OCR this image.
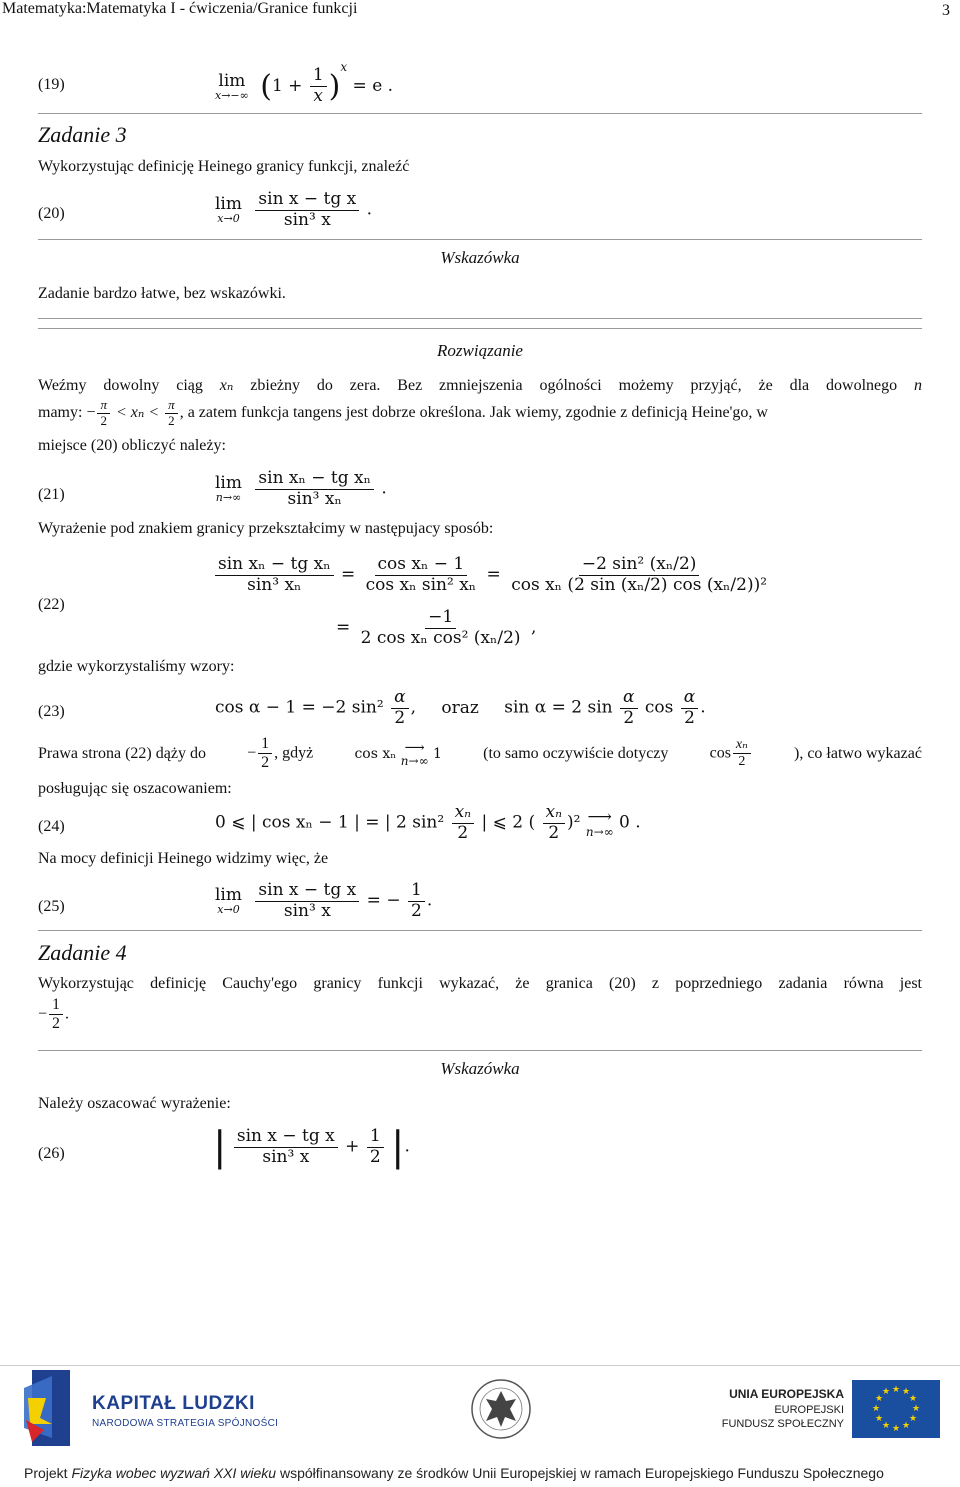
Matematyka:Matematyka I - ćwiczenia/Granice funkcji	3
(19)	lim
x→−∞ $(1 + \frac{1}{x} )^x = e$ .
Zadanie 3
Wykorzystując definicję Heinego granicy funkcji, znaleźć
(20)	lim
x→0
$\frac{\text{sin x − tg x}}{\text{sin³ x}}$ .
Wskazówka
Zadanie bardzo łatwe, bez wskazówki.
Rozwiązanie
Weźmy dowolny ciąg xₙ zbieżny do zera. Bez zmniejszenia ogólności możemy przyjąć, że dla dowolnego n
mamy: − $\frac{\pi}{2} < x_n < \frac{\pi}{2}$ , a zatem funkcja tangens jest dobrze określona. Jak wiemy, zgodnie z definicją Heine'go, w
miejsce (20) obliczyć należy:
(21)
lim
n→∞
$\frac{\text{sin xₙ − tg xₙ}}{\text{sin³ xₙ}}$ .
Wyrażenie pod znakiem granicy przekształcimy w następujacy sposób:
(22)
$\frac{\text{sin xₙ − tg xₙ}}{\text{sin³ xₙ}} = \frac{\text{cos xₙ − 1}}{\text{cos xₙ sin² xₙ}} = \frac{\text{−2 sin² (xₙ/2)}}{\text{cos xₙ (2 sin (xₙ/2) cos (xₙ/2))²}}$
= $\frac{-1}{\text{2 cos xₙ cos² (xₙ/2)}}$ ,
gdzie wykorzystaliśmy wzory:
(23)	cos α − 1 = −2 $\sin^2 \frac{\alpha}{2}$ , oraz sin α = 2 $\sin \frac{\alpha}{2}$ $\cos \frac{\alpha}{2}$ .
Prawa strona (22) dąży do	− $\frac{1}{2}$ , gdyż	cos xₙ ⟶
n→∞ 1	(to samo oczywiście dotyczy	$\cos \frac{\text{xₙ}}{2}$	), co łatwo wykazać
posługując się oszacowaniem:
(24)	0 ⩽ | cos xₙ − 1 | = | 2 $\sin^2 \frac{\text{xₙ}}{2}$ | ⩽ 2 ( $\frac{\text{xₙ}}{2} )^2$ ⟶
n→∞ 0 .
Na mocy definicji Heinego widzimy więc, że
(25)
lim
x→0
$\frac{\text{sin x − tg x}}{\text{sin³ x}}$ = − $\frac{1}{2}$ .
Zadanie 4
Wykorzystując definicję Cauchy'ego granicy funkcji wykazać, że granica (20) z poprzedniego zadania równa jest
− $\frac{1}{2}$ .
Wskazówka
Należy oszacować wyrażenie:
(26)	| $\frac{\text{sin x − tg x}}{\text{sin³ x}} + \frac{1}{2}$ |.
KAPITAŁ LUDZKI
NARODOWA STRATEGIA SPÓJNOŚCI
UNIA EUROPEJSKA
EUROPEJSKI
FUNDUSZ SPOŁECZNY
★ ★
★
★
★
★
★
★
★
★
★
★
Projekt Fizyka wobec wyzwań XXI wieku współfinansowany ze środków Unii Europejskiej w ramach Europejskiego Funduszu Społecznego
